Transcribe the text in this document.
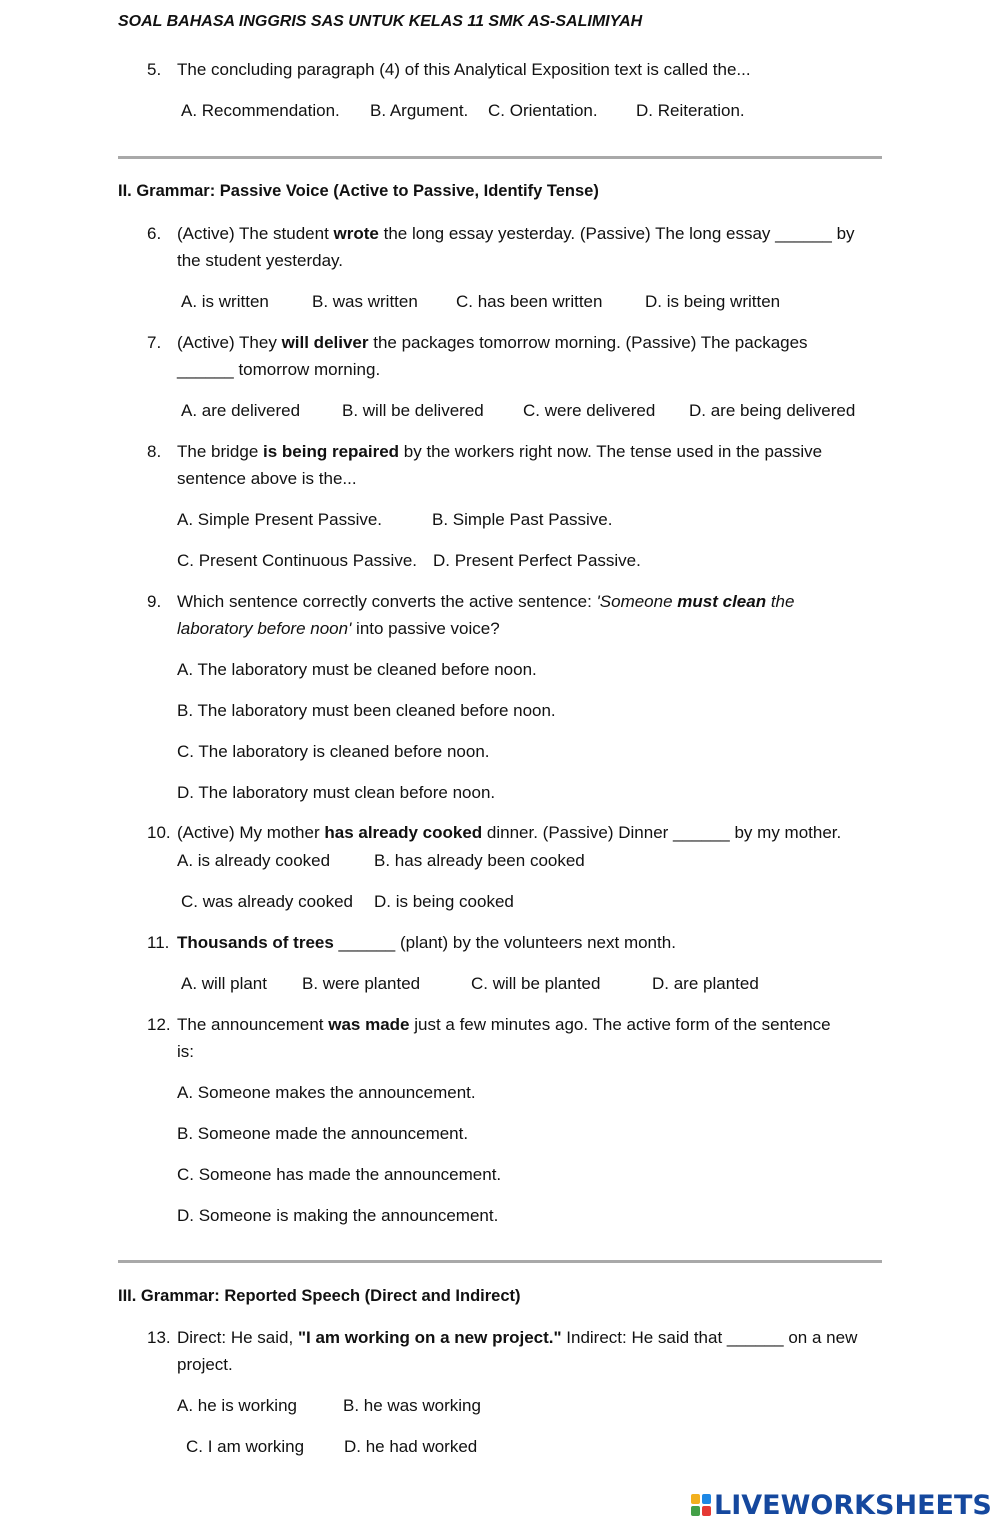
SOAL BAHASA INGGRIS SAS UNTUK KELAS 11 SMK AS-SALIMIYAH
5. The concluding paragraph (4) of this Analytical Exposition text is called the...
A. Recommendation. B. Argument. C. Orientation. D. Reiteration.
II. Grammar: Passive Voice (Active to Passive, Identify Tense)
6. (Active) The student wrote the long essay yesterday. (Passive) The long essay ______ by
the student yesterday.
A. is written	B. was written C. has been written	D. is being written
7. (Active) They will deliver the packages tomorrow morning. (Passive) The packages
______ tomorrow morning.
A. are delivered B. will be delivered C. were delivered D. are being delivered
8. The bridge is being repaired by the workers right now. The tense used in the passive
sentence above is the...
A. Simple Present Passive.	B. Simple Past Passive.
C. Present Continuous Passive. D. Present Perfect Passive.
9. Which sentence correctly converts the active sentence: 'Someone must clean the
laboratory before noon' into passive voice?
A. The laboratory must be cleaned before noon.
B. The laboratory must been cleaned before noon.
C. The laboratory is cleaned before noon.
D. The laboratory must clean before noon.
10. (Active) My mother has already cooked dinner. (Passive) Dinner ______ by my mother.
A. is already cooked	B. has already been cooked
C. was already cooked D. is being cooked
11. Thousands of trees ______ (plant) by the volunteers next month.
A. will plant B. were planted	C. will be planted	D. are planted
12. The announcement was made just a few minutes ago. The active form of the sentence
is:
A. Someone makes the announcement.
B. Someone made the announcement.
C. Someone has made the announcement.
D. Someone is making the announcement.
III. Grammar: Reported Speech (Direct and Indirect)
13. Direct: He said, "I am working on a new project." Indirect: He said that ______ on a new
project.
A. he is working	B. he was working
C. I am working D. he had worked
LIVEWORKSHEETS
